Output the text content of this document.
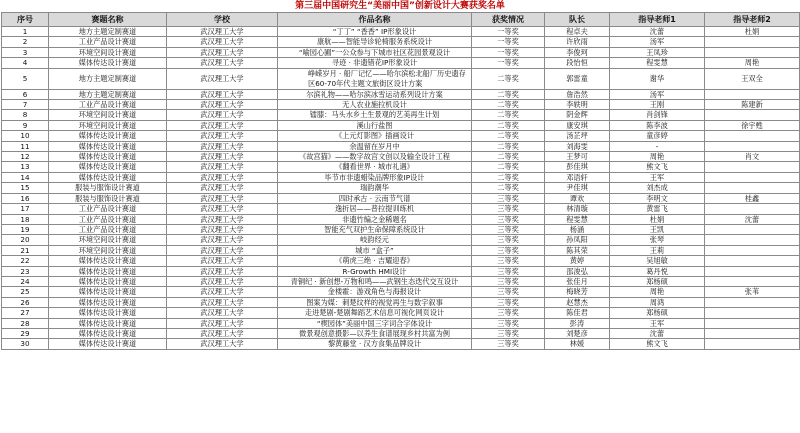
第三届中国研究生“美丽中国”创新设计大赛获奖名单
序号	赛题名称	学校	作品名称	获奖情况	队长	指导老师1	指导老师2
1	地方主题定制赛道	武汉理工大学	“丁丁” “香香” IP形象设计	一等奖	程卓夫	沈蕾	杜娟
2	工业产品设计赛道	武汉理工大学	康航——智能导诊轮椅服务系统设计	一等奖	许欣雨	汤军	
3	环境空间设计赛道	武汉理工大学	“喻园心圃”一公众参与下城市社区花园景观设计	一等奖	李俊珂	王凤珍	
4	媒体传达设计赛道	武汉理工大学	寻迹 · 非遗错花IP形象设计	一等奖	段怡恒	程雯慧	周艳
5	地方主题定制赛道	武汉理工大学	峥嵘岁月 · 船厂记忆——哈尔滨松北船厂历史遗存区60-70年代主题文旅街区设计方案	二等奖	郭雷童	谢华	王双全
6	地方主题定制赛道	武汉理工大学	尔滨礼物——哈尔滨冰雪运动系列设计方案	二等奖	詹浩然	汤军	
7	工业产品设计赛道	武汉理工大学	无人农业施拉机设计	二等奖	李轶明	王刚	陈建新
8	环境空间设计赛道	武汉理工大学	镭膝：马头水乡土生景观的艺美再生计划	二等奖	阴金辉	肖剑锋	
9	环境空间设计赛道	武汉理工大学	溪山行盐图	二等奖	康安琪	陈李波	徐宇甦
10	媒体传达设计赛道	武汉理工大学	《上元灯影图》插画设计	二等奖	汤芷坪	童彦婷	
11	媒体传达设计赛道	武汉理工大学	余温留在岁月中	二等奖	刘海雯	-	
12	媒体传达设计赛道	武汉理工大学	《故宫猫》——数字故宫文创以及输全设计工程	二等奖	王梦可	周艳	肖文
13	媒体传达设计赛道	武汉理工大学	《翻看世界 · 城市礼遇》	二等奖	彭佳琪	熊文飞	
14	媒体传达设计赛道	武汉理工大学	毕节市非遗蜡染品牌形象IP设计	二等奖	邓语轩	王军	
15	服装与服饰设计赛道	武汉理工大学	瑞韵潮华	二等奖	尹佳琪	刘杰成	
16	服装与服饰设计赛道	武汉理工大学	四时承古 · 云南节气谱	三等奖	谭欢	李明文	桂鑫
17	工业产品设计赛道	武汉理工大学	逸折居——普拉提训练机	三等奖	林清璇	黄雷飞	
18	工业产品设计赛道	武汉理工大学	非遗竹编之金稀题名	三等奖	程雯慧	杜娟	沈蕾
19	工业产品设计赛道	武汉理工大学	智能充气双护生命保障系统设计	三等奖	杨涵	王凯	
20	环境空间设计赛道	武汉理工大学	岐韵经元	三等奖	孙凤阳	张琴	
21	环境空间设计赛道	武汉理工大学	城市 “盒子”	三等奖	陈其荣	王莉	
22	媒体传达设计赛道	武汉理工大学	《萌虎三绝 · 吉耀迎春》	三等奖	黄婷	吴旭敏	
23	媒体传达设计赛道	武汉理工大学	R-Growth HMI设计	三等奖	邵浚弘	葛丹悦	
24	媒体传达设计赛道	武汉理工大学	青铜纪 · 新创想-万物和鸣——武钢生态迭代交互设计	三等奖	张佳月	郑杨硕	
25	媒体传达设计赛道	武汉理工大学	金楼霍：游戏角色与海报设计	三等奖	梅晓芳	周艳	张苇
26	媒体传达设计赛道	武汉理工大学	图案为媒：刺楚纹样的视觉再生与数字叙事	三等奖	赵慧杰	周鸿	
27	媒体传达设计赛道	武汉理工大学	走进楚剧-楚剧舞蹈艺术信息可视化网页设计	三等奖	陈佳君	郑杨硕	
28	媒体传达设计赛道	武汉理工大学	“楔园体”美丽中国三字词合字体设计	三等奖	彭涛	王军	
29	媒体传达设计赛道	武汉理工大学	微景观创意摄影—以养生食谱展现乡村共富为例	三等奖	刘楚彦	沈蕾	
30	媒体传达设计赛道	武汉理工大学	黎黄藤堂 · 汉方食集品牌设计	三等奖	林媛	熊文飞	
